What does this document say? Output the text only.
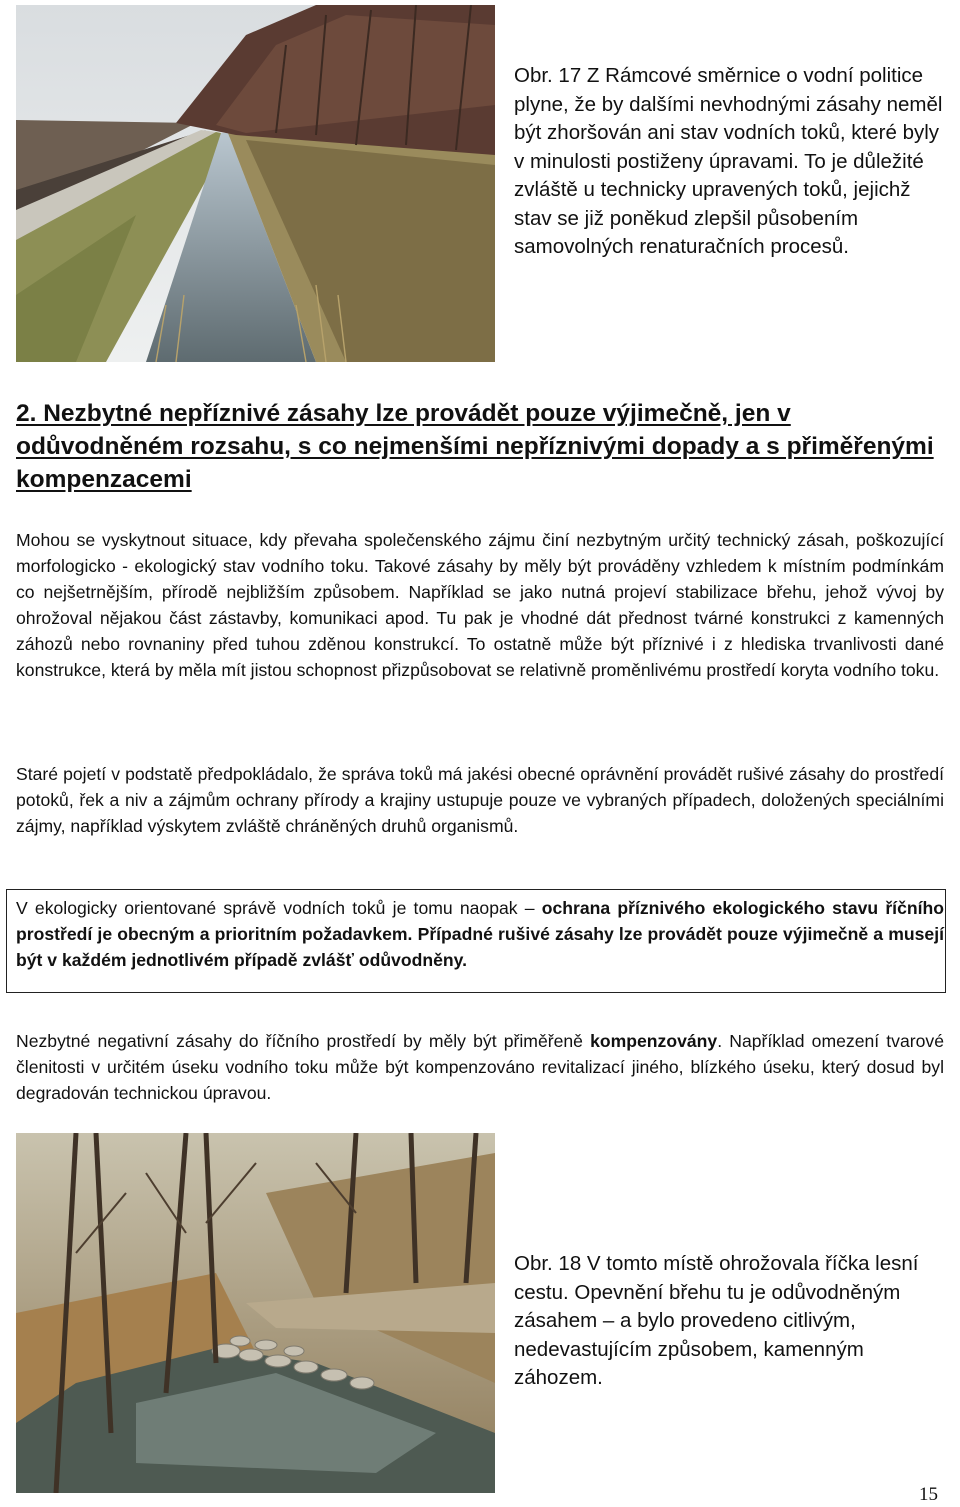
Obr. 17 Z Rámcové směrnice o vodní politice plyne, že by dalšími nevhodnými zásahy neměl být zhoršován ani stav vodních toků, které byly v minulosti postiženy úpravami. To je důležité zvláště u technicky upravených toků, jejichž stav se již poněkud zlepšil působením samovolných renaturačních procesů.
2. Nezbytné nepříznivé zásahy lze provádět pouze výjimečně, jen v odůvodněném rozsahu, s co nejmenšími nepříznivými dopady a s přiměřenými kompenzacemi
Mohou se vyskytnout situace, kdy převaha společenského zájmu činí nezbytným určitý technický zásah, poškozující morfologicko - ekologický stav vodního toku. Takové zásahy by měly být prováděny vzhledem k místním podmínkám co nejšetrnějším, přírodě nejbližším způsobem. Například se jako nutná projeví stabilizace břehu, jehož vývoj by ohrožoval nějakou část zástavby, komunikaci apod. Tu pak je vhodné dát přednost tvárné konstrukci z kamenných záhozů nebo rovnaniny před tuhou zděnou konstrukcí. To ostatně může být příznivé i z hlediska trvanlivosti dané konstrukce, která by měla mít jistou schopnost přizpůsobovat se relativně proměnlivému prostředí koryta vodního toku.
Staré pojetí v podstatě předpokládalo, že správa toků má jakési obecné oprávnění provádět rušivé zásahy do prostředí potoků, řek a niv a zájmům ochrany přírody a krajiny ustupuje pouze ve vybraných případech, doložených speciálními zájmy, například výskytem zvláště chráněných druhů organismů.
V ekologicky orientované správě vodních toků je tomu naopak – ochrana příznivého ekologického stavu říčního prostředí je obecným a prioritním požadavkem. Případné rušivé zásahy lze provádět pouze výjimečně a musejí být v každém jednotlivém případě zvlášť odůvodněny.
Nezbytné negativní zásahy do říčního prostředí by měly být přiměřeně kompenzovány. Například omezení tvarové členitosti v určitém úseku vodního toku může být kompenzováno revitalizací jiného, blízkého úseku, který dosud byl degradován technickou úpravou.
Obr. 18 V tomto místě ohrožovala říčka lesní cestu. Opevnění břehu tu je odůvodněným zásahem – a bylo provedeno citlivým, nedevastujícím způsobem, kamenným záhozem.
15
